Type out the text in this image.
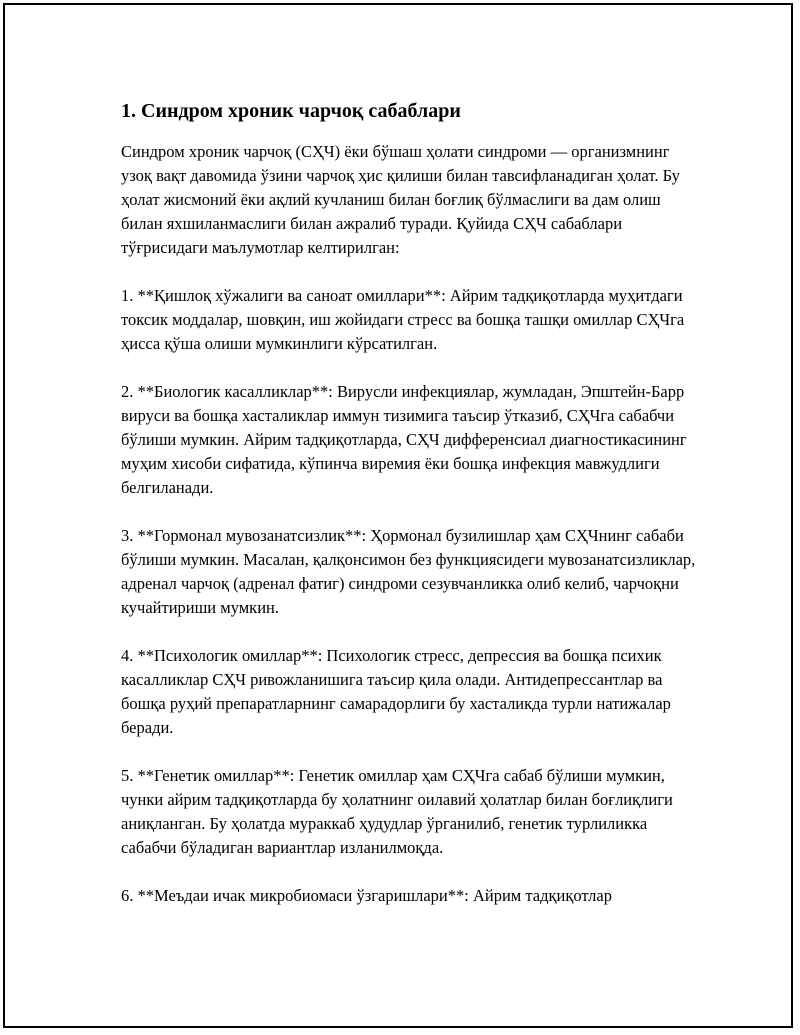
1. Синдром хроник чарчоқ сабаблари

Синдром хроник чарчоқ (СҲЧ) ёки бўшаш ҳолати синдроми — организмнинг узоқ вақт давомида ўзини чарчоқ ҳис қилиши билан тавсифланадиган ҳолат. Бу ҳолат жисмоний ёки ақлий кучланиш билан боғлиқ бўлмаслиги ва дам олиш билан яхшиланмаслиги билан ажралиб туради. Қуйида СҲЧ сабаблари тўғрисидаги маълумотлар келтирилган:

1. **Қишлоқ хўжалиги ва саноат омиллари**: Айрим тадқиқотларда муҳитдаги токсик моддалар, шовқин, иш жойидаги стресс ва бошқа ташқи омиллар СҲЧга ҳисса қўша олиши мумкинлиги кўрсатилган.

2. **Биологик касалликлар**: Вирусли инфекциялар, жумладан, Эпштейн-Барр вируси ва бошқа хасталиклар иммун тизимига таъсир ўтказиб, СҲЧга сабабчи бўлиши мумкин. Айрим тадқиқотларда, СҲЧ дифференсиал диагностикасининг муҳим хисоби сифатида, кўпинча виремия ёки бошқа инфекция мавжудлиги белгиланади.

3. **Гормонал мувозанатсизлик**: Ҳормонал бузилишлар ҳам СҲЧнинг сабаби бўлиши мумкин. Масалан, қалқонсимон без функциясидеги мувозанатсизликлар, адренал чарчоқ (адренал фатиг) синдроми сезувчанликка олиб келиб, чарчоқни кучайтириши мумкин.

4. **Психологик омиллар**: Психологик стресс, депрессия ва бошқа психик касалликлар СҲЧ ривожланишига таъсир қила олади. Антидепрессантлар ва бошқа руҳий препаратларнинг самарадорлиги бу хасталикда турли натижалар беради.

5. **Генетик омиллар**: Генетик омиллар ҳам СҲЧга сабаб бўлиши мумкин, чунки айрим тадқиқотларда бу ҳолатнинг оилавий ҳолатлар билан боғлиқлиги аниқланган. Бу ҳолатда мураккаб ҳудудлар ўрганилиб, генетик турлиликка сабабчи бўладиган вариантлар изланилмоқда.

6. **Меъдаи ичак микробиомаси ўзгаришлари**: Айрим тадқиқотлар
